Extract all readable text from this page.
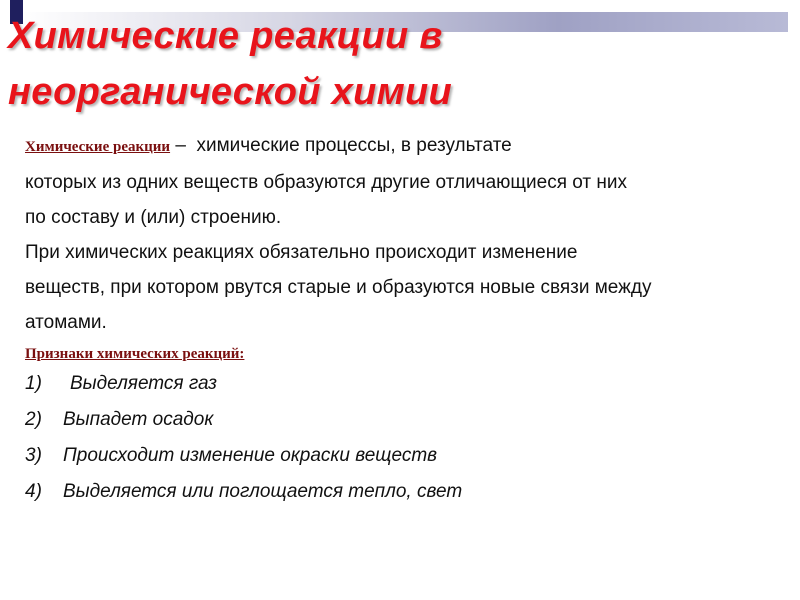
Химические реакции в
неорганической химии
Химические реакции – химические процессы, в результате
которых из одних веществ образуются другие отличающиеся от них
по составу и (или) строению.
При химических реакциях обязательно происходит изменение
веществ, при котором рвутся старые и образуются новые связи между
атомами.
Признаки химических реакций:
1) Выделяется газ
2) Выпадет осадок
3) Происходит изменение окраски веществ
4) Выделяется или поглощается тепло, свет
